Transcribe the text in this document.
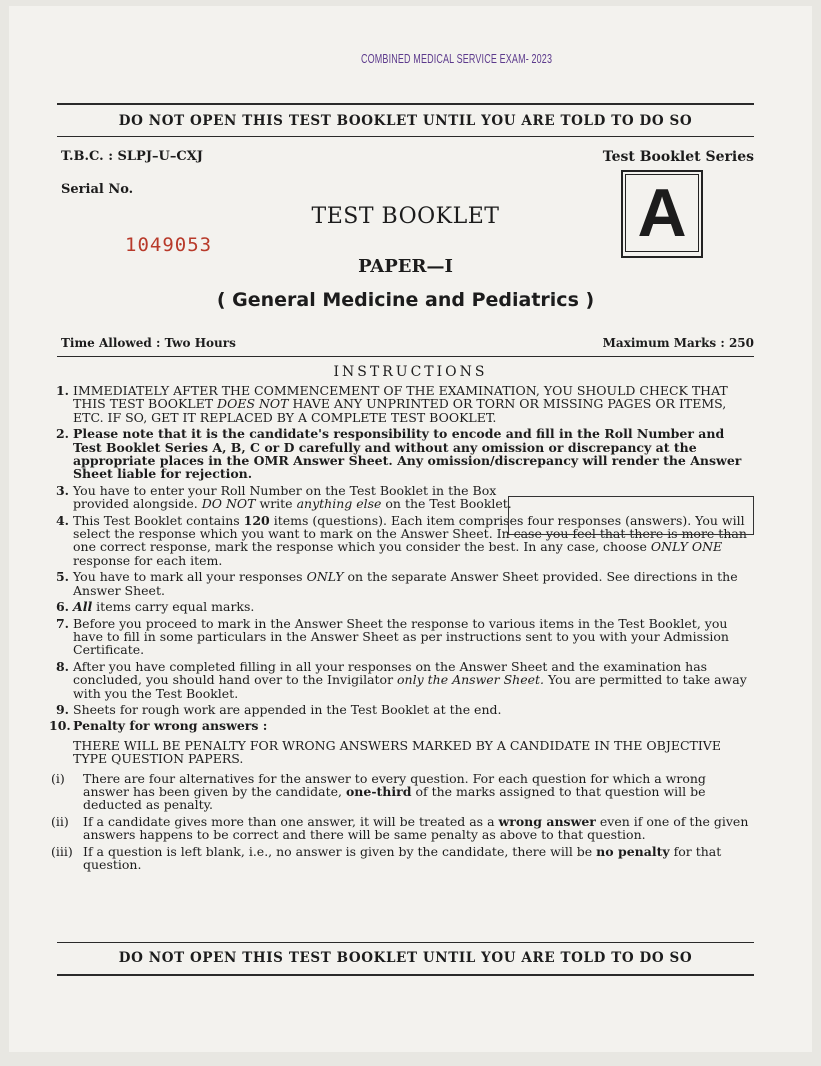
COMBINED MEDICAL SERVICE EXAM- 2023
DO NOT OPEN THIS TEST BOOKLET UNTIL YOU ARE TOLD TO DO SO
T.B.C. : SLPJ–U–CXJ	Test Booklet Series
Serial No.
1049053
TEST BOOKLET	A
PAPER—I
( General Medicine and Pediatrics )
Time Allowed : Two Hours	Maximum Marks : 250
INSTRUCTIONS
1. IMMEDIATELY AFTER THE COMMENCEMENT OF THE EXAMINATION, YOU SHOULD CHECK THAT THIS TEST BOOKLET DOES NOT HAVE ANY UNPRINTED OR TORN OR MISSING PAGES OR ITEMS, ETC. IF SO, GET IT REPLACED BY A COMPLETE TEST BOOKLET.
2. Please note that it is the candidate's responsibility to encode and fill in the Roll Number and Test Booklet Series A, B, C or D carefully and without any omission or discrepancy at the appropriate places in the OMR Answer Sheet. Any omission/discrepancy will render the Answer Sheet liable for rejection.
3. You have to enter your Roll Number on the Test Booklet in the Box provided alongside. DO NOT write anything else on the Test Booklet.

4. This Test Booklet contains 120 items (questions). Each item comprises four responses (answers). You will select the response which you want to mark on the Answer Sheet. In case you feel that there is more than one correct response, mark the response which you consider the best. In any case, choose ONLY ONE response for each item.
5. You have to mark all your responses ONLY on the separate Answer Sheet provided. See directions in the Answer Sheet.
6. All items carry equal marks.
7. Before you proceed to mark in the Answer Sheet the response to various items in the Test Booklet, you have to fill in some particulars in the Answer Sheet as per instructions sent to you with your Admission Certificate.
8. After you have completed filling in all your responses on the Answer Sheet and the examination has concluded, you should hand over to the Invigilator only the Answer Sheet. You are permitted to take away with you the Test Booklet.
9. Sheets for rough work are appended in the Test Booklet at the end.
10. Penalty for wrong answers :
THERE WILL BE PENALTY FOR WRONG ANSWERS MARKED BY A CANDIDATE IN THE OBJECTIVE TYPE QUESTION PAPERS.
(i) There are four alternatives for the answer to every question. For each question for which a wrong answer has been given by the candidate, one-third of the marks assigned to that question will be deducted as penalty.
(ii) If a candidate gives more than one answer, it will be treated as a wrong answer even if one of the given answers happens to be correct and there will be same penalty as above to that question.
(iii) If a question is left blank, i.e., no answer is given by the candidate, there will be no penalty for that question.
DO NOT OPEN THIS TEST BOOKLET UNTIL YOU ARE TOLD TO DO SO
